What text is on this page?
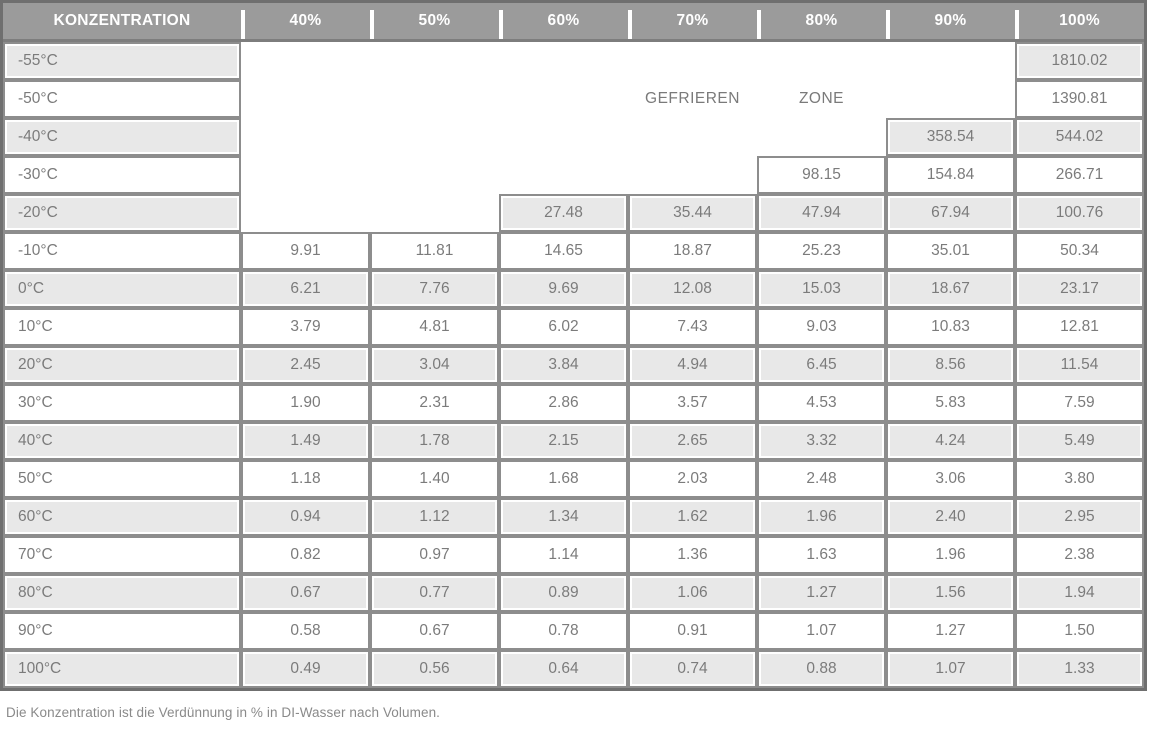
KONZENTRATION	40%	50%	60%	70%	80%	90%	100%
-55°C							1810.02
-50°C				GEFRIEREN	ZONE		1390.81
-40°C						358.54	544.02
-30°C					98.15	154.84	266.71
-20°C			27.48	35.44	47.94	67.94	100.76
-10°C	9.91	11.81	14.65	18.87	25.23	35.01	50.34
0°C	6.21	7.76	9.69	12.08	15.03	18.67	23.17
10°C	3.79	4.81	6.02	7.43	9.03	10.83	12.81
20°C	2.45	3.04	3.84	4.94	6.45	8.56	11.54
30°C	1.90	2.31	2.86	3.57	4.53	5.83	7.59
40°C	1.49	1.78	2.15	2.65	3.32	4.24	5.49
50°C	1.18	1.40	1.68	2.03	2.48	3.06	3.80
60°C	0.94	1.12	1.34	1.62	1.96	2.40	2.95
70°C	0.82	0.97	1.14	1.36	1.63	1.96	2.38
80°C	0.67	0.77	0.89	1.06	1.27	1.56	1.94
90°C	0.58	0.67	0.78	0.91	1.07	1.27	1.50
100°C	0.49	0.56	0.64	0.74	0.88	1.07	1.33
Die Konzentration ist die Verdünnung in % in DI-Wasser nach Volumen.
